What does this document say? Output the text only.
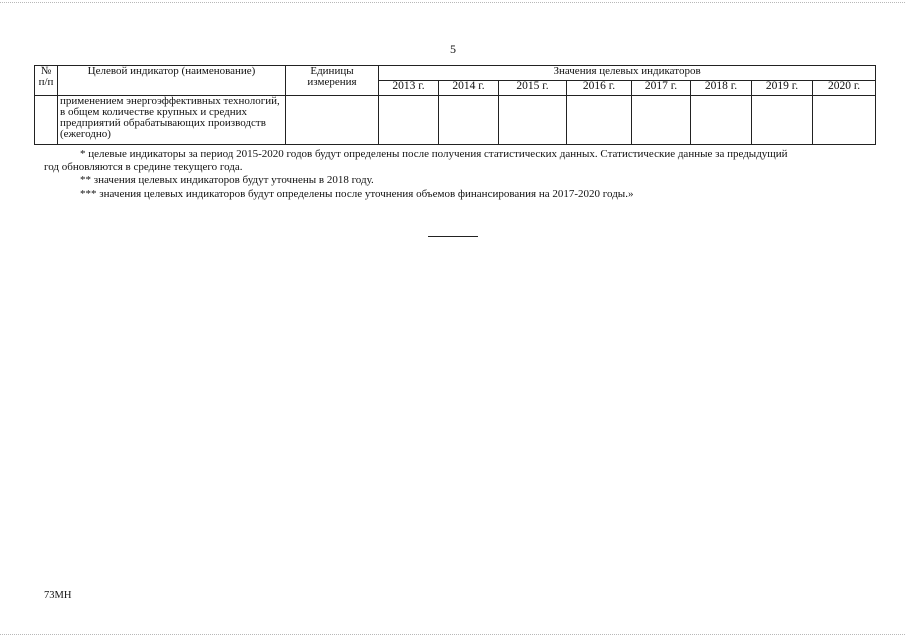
5
№ п/п	Целевой индикатор (наименование)	Единицы измерения	Значения целевых индикаторов							
			2013 г.	2014 г.	2015 г.	2016 г.	2017 г.	2018 г.	2019 г.	2020 г.
	применением энергоэффективных технологий, в общем количестве крупных и средних предприятий обрабатывающих производств (ежегодно)									
* целевые индикаторы за период 2015-2020 годов будут определены после получения статистических данных. Статистические данные за предыдущий
год обновляются в средине текущего года.
** значения целевых индикаторов будут уточнены в 2018 году.
*** значения целевых индикаторов будут определены после уточнения объемов финансирования на 2017-2020 годы.»
73МН
